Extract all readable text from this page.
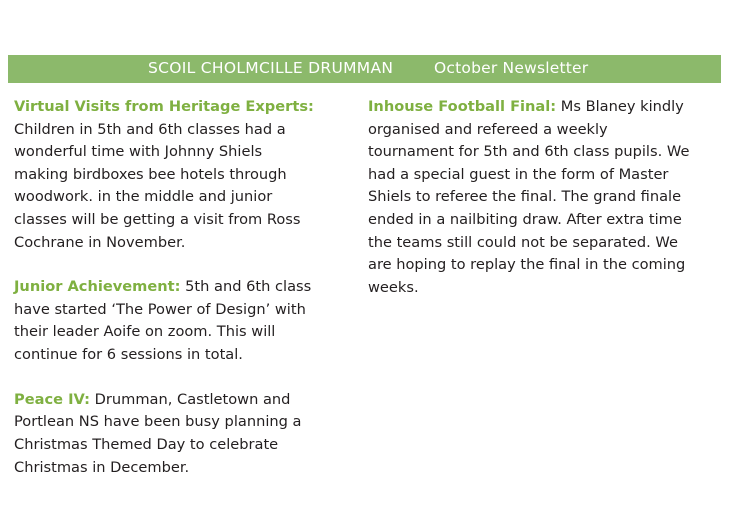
SCOIL CHOLMCILLE DRUMMAN	October Newsletter

Virtual Visits from Heritage Experts: Children in 5th and 6th classes had a wonderful time with Johnny Shiels making birdboxes bee hotels through woodwork. in the middle and junior classes will be getting a visit from Ross Cochrane in November.

Junior Achievement: 5th and 6th class have started ‘The Power of Design’ with their leader Aoife on zoom. This will continue for 6 sessions in total.

Peace IV: Drumman, Castletown and Portlean NS have been busy planning a Christmas Themed Day to celebrate Christmas in December.

Inhouse Football Final: Ms Blaney kindly organised and refereed a weekly tournament for 5th and 6th class pupils. We had a special guest in the form of Master Shiels to referee the final. The grand finale ended in a nailbiting draw. After extra time the teams still could not be separated. We are hoping to replay the final in the coming weeks.
